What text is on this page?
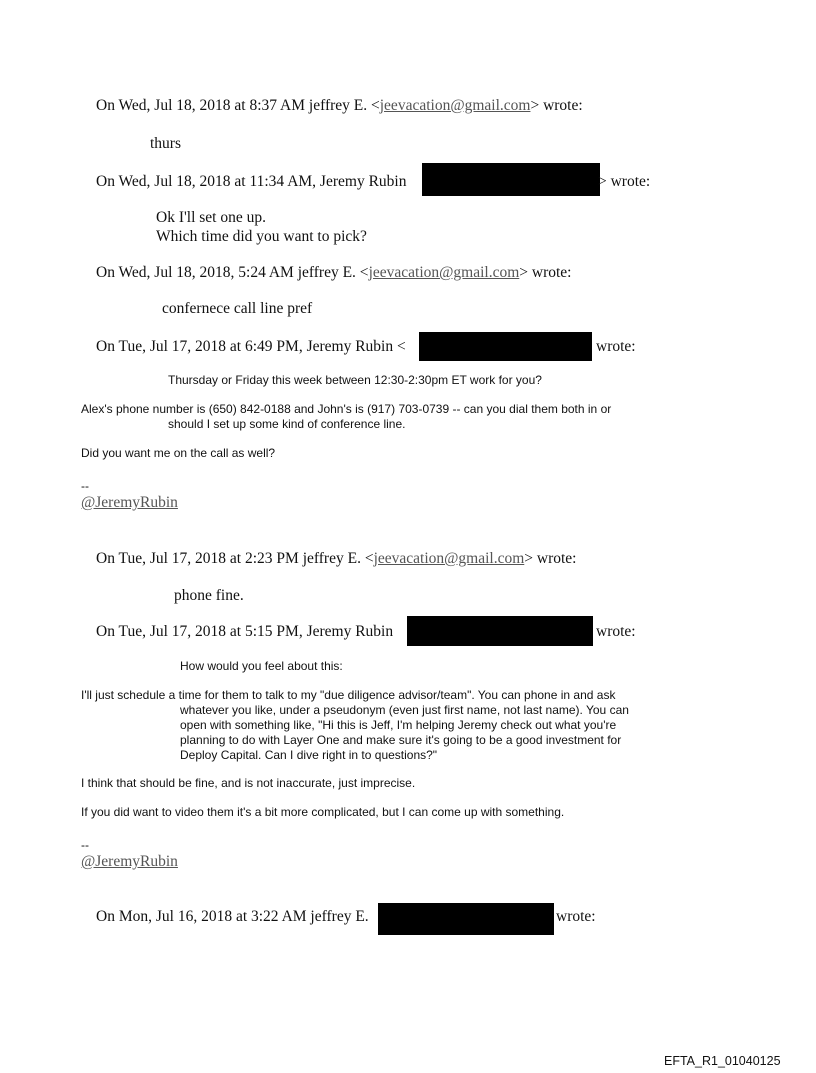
On Wed, Jul 18, 2018 at 8:37 AM jeffrey E. <jeevacation@gmail.com> wrote:
thurs
On Wed, Jul 18, 2018 at 11:34 AM, Jeremy Rubin	> wrote:
Ok I'll set one up.
Which time did you want to pick?
On Wed, Jul 18, 2018, 5:24 AM jeffrey E. <jeevacation@gmail.com> wrote:
confernece call line pref
On Tue, Jul 17, 2018 at 6:49 PM, Jeremy Rubin <	wrote:
Thursday or Friday this week between 12:30-2:30pm ET work for you?
Alex's phone number is (650) 842-0188 and John's is (917) 703-0739 -- can you dial them both in or
should I set up some kind of conference line.
Did you want me on the call as well?
--
@JeremyRubin
On Tue, Jul 17, 2018 at 2:23 PM jeffrey E. <jeevacation@gmail.com> wrote:
phone fine.
On Tue, Jul 17, 2018 at 5:15 PM, Jeremy Rubin	wrote:
How would you feel about this:
I'll just schedule a time for them to talk to my "due diligence advisor/team". You can phone in and ask
whatever you like, under a pseudonym (even just first name, not last name). You can
open with something like, "Hi this is Jeff, I'm helping Jeremy check out what you're
planning to do with Layer One and make sure it's going to be a good investment for
Deploy Capital. Can I dive right in to questions?"
I think that should be fine, and is not inaccurate, just imprecise.
If you did want to video them it's a bit more complicated, but I can come up with something.
--
@JeremyRubin
On Mon, Jul 16, 2018 at 3:22 AM jeffrey E.	wrote:
EFTA_R1_01040125
